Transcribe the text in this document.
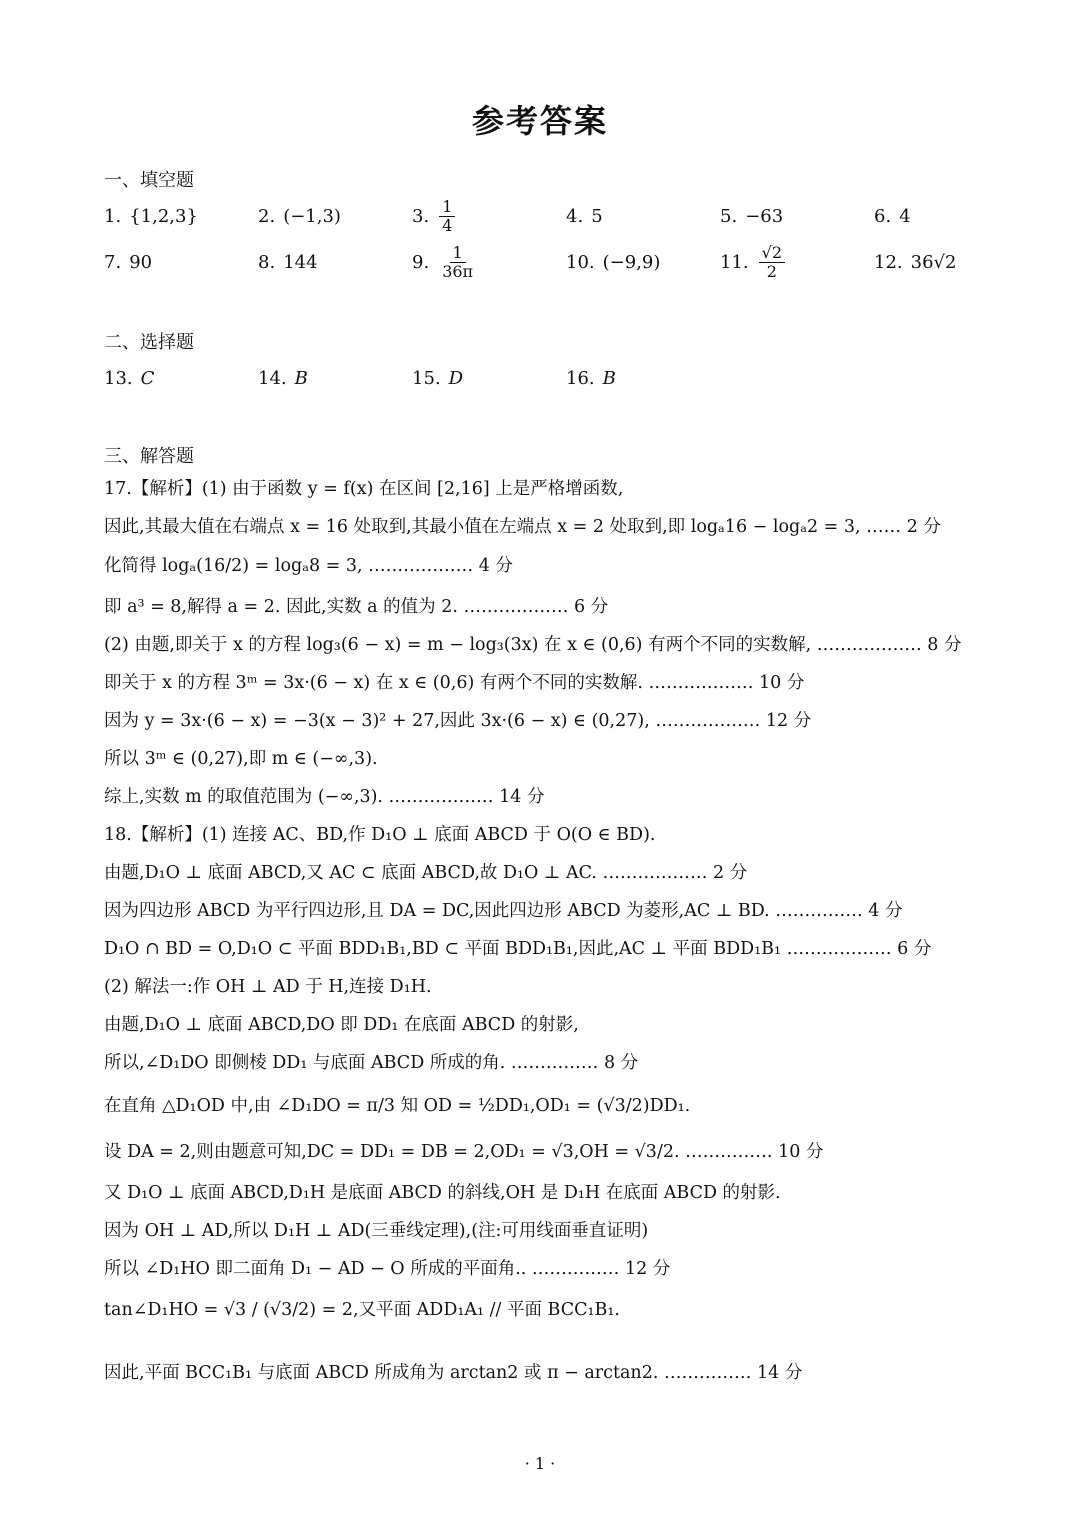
参考答案
一、填空题
1. {1,2,3}	2. (−1,3)	3. $\frac{1}{4}$	4. 5	5. −63	6. 4
7. 90	8. 144	9. $\frac{1}{36\pi}$	10. (−9,9)	11. $\frac{√2}{2}$	12. 36√2
二、选择题
13. C	14. B	15. D	16. B
三、解答题
17.【解析】(1) 由于函数 y = f(x) 在区间 [2,16] 上是严格增函数,
因此,其最大值在右端点 x = 16 处取到,其最小值在左端点 x = 2 处取到,即 logₐ16 − logₐ2 = 3, …… 2 分
化简得 logₐ(16/2) = logₐ8 = 3, ……………… 4 分
即 a³ = 8,解得 a = 2. 因此,实数 a 的值为 2. ……………… 6 分
(2) 由题,即关于 x 的方程 log₃(6 − x) = m − log₃(3x) 在 x ∈ (0,6) 有两个不同的实数解, ……………… 8 分
即关于 x 的方程 3ᵐ = 3x·(6 − x) 在 x ∈ (0,6) 有两个不同的实数解. ……………… 10 分
因为 y = 3x·(6 − x) = −3(x − 3)² + 27,因此 3x·(6 − x) ∈ (0,27), ……………… 12 分
所以 3ᵐ ∈ (0,27),即 m ∈ (−∞,3).
综上,实数 m 的取值范围为 (−∞,3). ……………… 14 分
18.【解析】(1) 连接 AC、BD,作 D₁O ⊥ 底面 ABCD 于 O(O ∈ BD).
由题,D₁O ⊥ 底面 ABCD,又 AC ⊂ 底面 ABCD,故 D₁O ⊥ AC. ……………… 2 分
因为四边形 ABCD 为平行四边形,且 DA = DC,因此四边形 ABCD 为菱形,AC ⊥ BD. …………… 4 分
D₁O ∩ BD = O,D₁O ⊂ 平面 BDD₁B₁,BD ⊂ 平面 BDD₁B₁,因此,AC ⊥ 平面 BDD₁B₁ ……………… 6 分
(2) 解法一:作 OH ⊥ AD 于 H,连接 D₁H.
由题,D₁O ⊥ 底面 ABCD,DO 即 DD₁ 在底面 ABCD 的射影,
所以,∠D₁DO 即侧棱 DD₁ 与底面 ABCD 所成的角. …………… 8 分
在直角 △D₁OD 中,由 ∠D₁DO = π/3 知 OD = ½DD₁,OD₁ = (√3/2)DD₁.
设 DA = 2,则由题意可知,DC = DD₁ = DB = 2,OD₁ = √3,OH = √3/2. …………… 10 分
又 D₁O ⊥ 底面 ABCD,D₁H 是底面 ABCD 的斜线,OH 是 D₁H 在底面 ABCD 的射影.
因为 OH ⊥ AD,所以 D₁H ⊥ AD(三垂线定理),(注:可用线面垂直证明)
所以 ∠D₁HO 即二面角 D₁ − AD − O 所成的平面角.. …………… 12 分
tan∠D₁HO = √3 / (√3/2) = 2,又平面 ADD₁A₁ // 平面 BCC₁B₁.
因此,平面 BCC₁B₁ 与底面 ABCD 所成角为 arctan2 或 π − arctan2. …………… 14 分
· 1 ·
